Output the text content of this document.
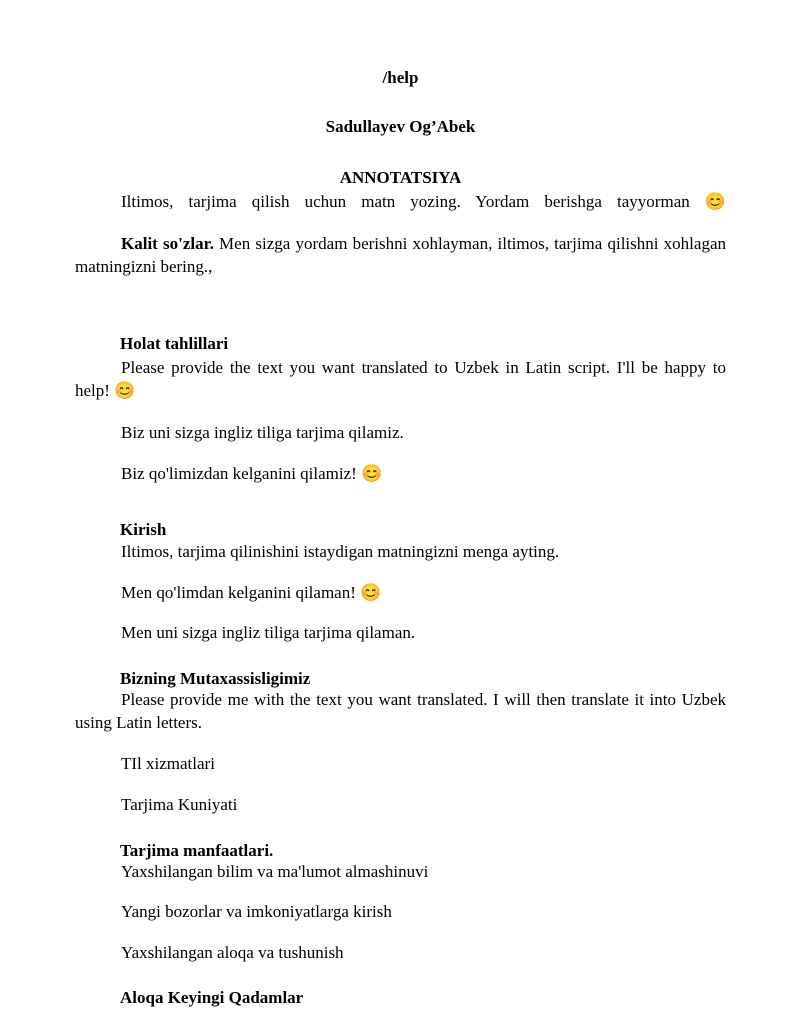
/help

Sadullayev Og’Abek

ANNOTATSIYA

Iltimos, tarjima qilish uchun matn yozing. Yordam berishga tayyorman 😊

Kalit so'zlar. Men sizga yordam berishni xohlayman, iltimos, tarjima qilishni xohlagan matningizni bering.,

Holat tahlillari

Please provide the text you want translated to Uzbek in Latin script. I'll be happy to help! 😊

Biz uni sizga ingliz tiliga tarjima qilamiz.

Biz qo'limizdan kelganini qilamiz! 😊

Kirish

Iltimos, tarjima qilinishini istaydigan matningizni menga ayting.

Men qo'limdan kelganini qilaman! 😊

Men uni sizga ingliz tiliga tarjima qilaman.

Bizning Mutaxassisligimiz

Please provide me with the text you want translated. I will then translate it into Uzbek using Latin letters.

TIl xizmatlari

Tarjima Kuniyati

Tarjima manfaatlari.

Yaxshilangan bilim va ma'lumot almashinuvi

Yangi bozorlar va imkoniyatlarga kirish

Yaxshilangan aloqa va tushunish

Aloqa Keyingi Qadamlar
